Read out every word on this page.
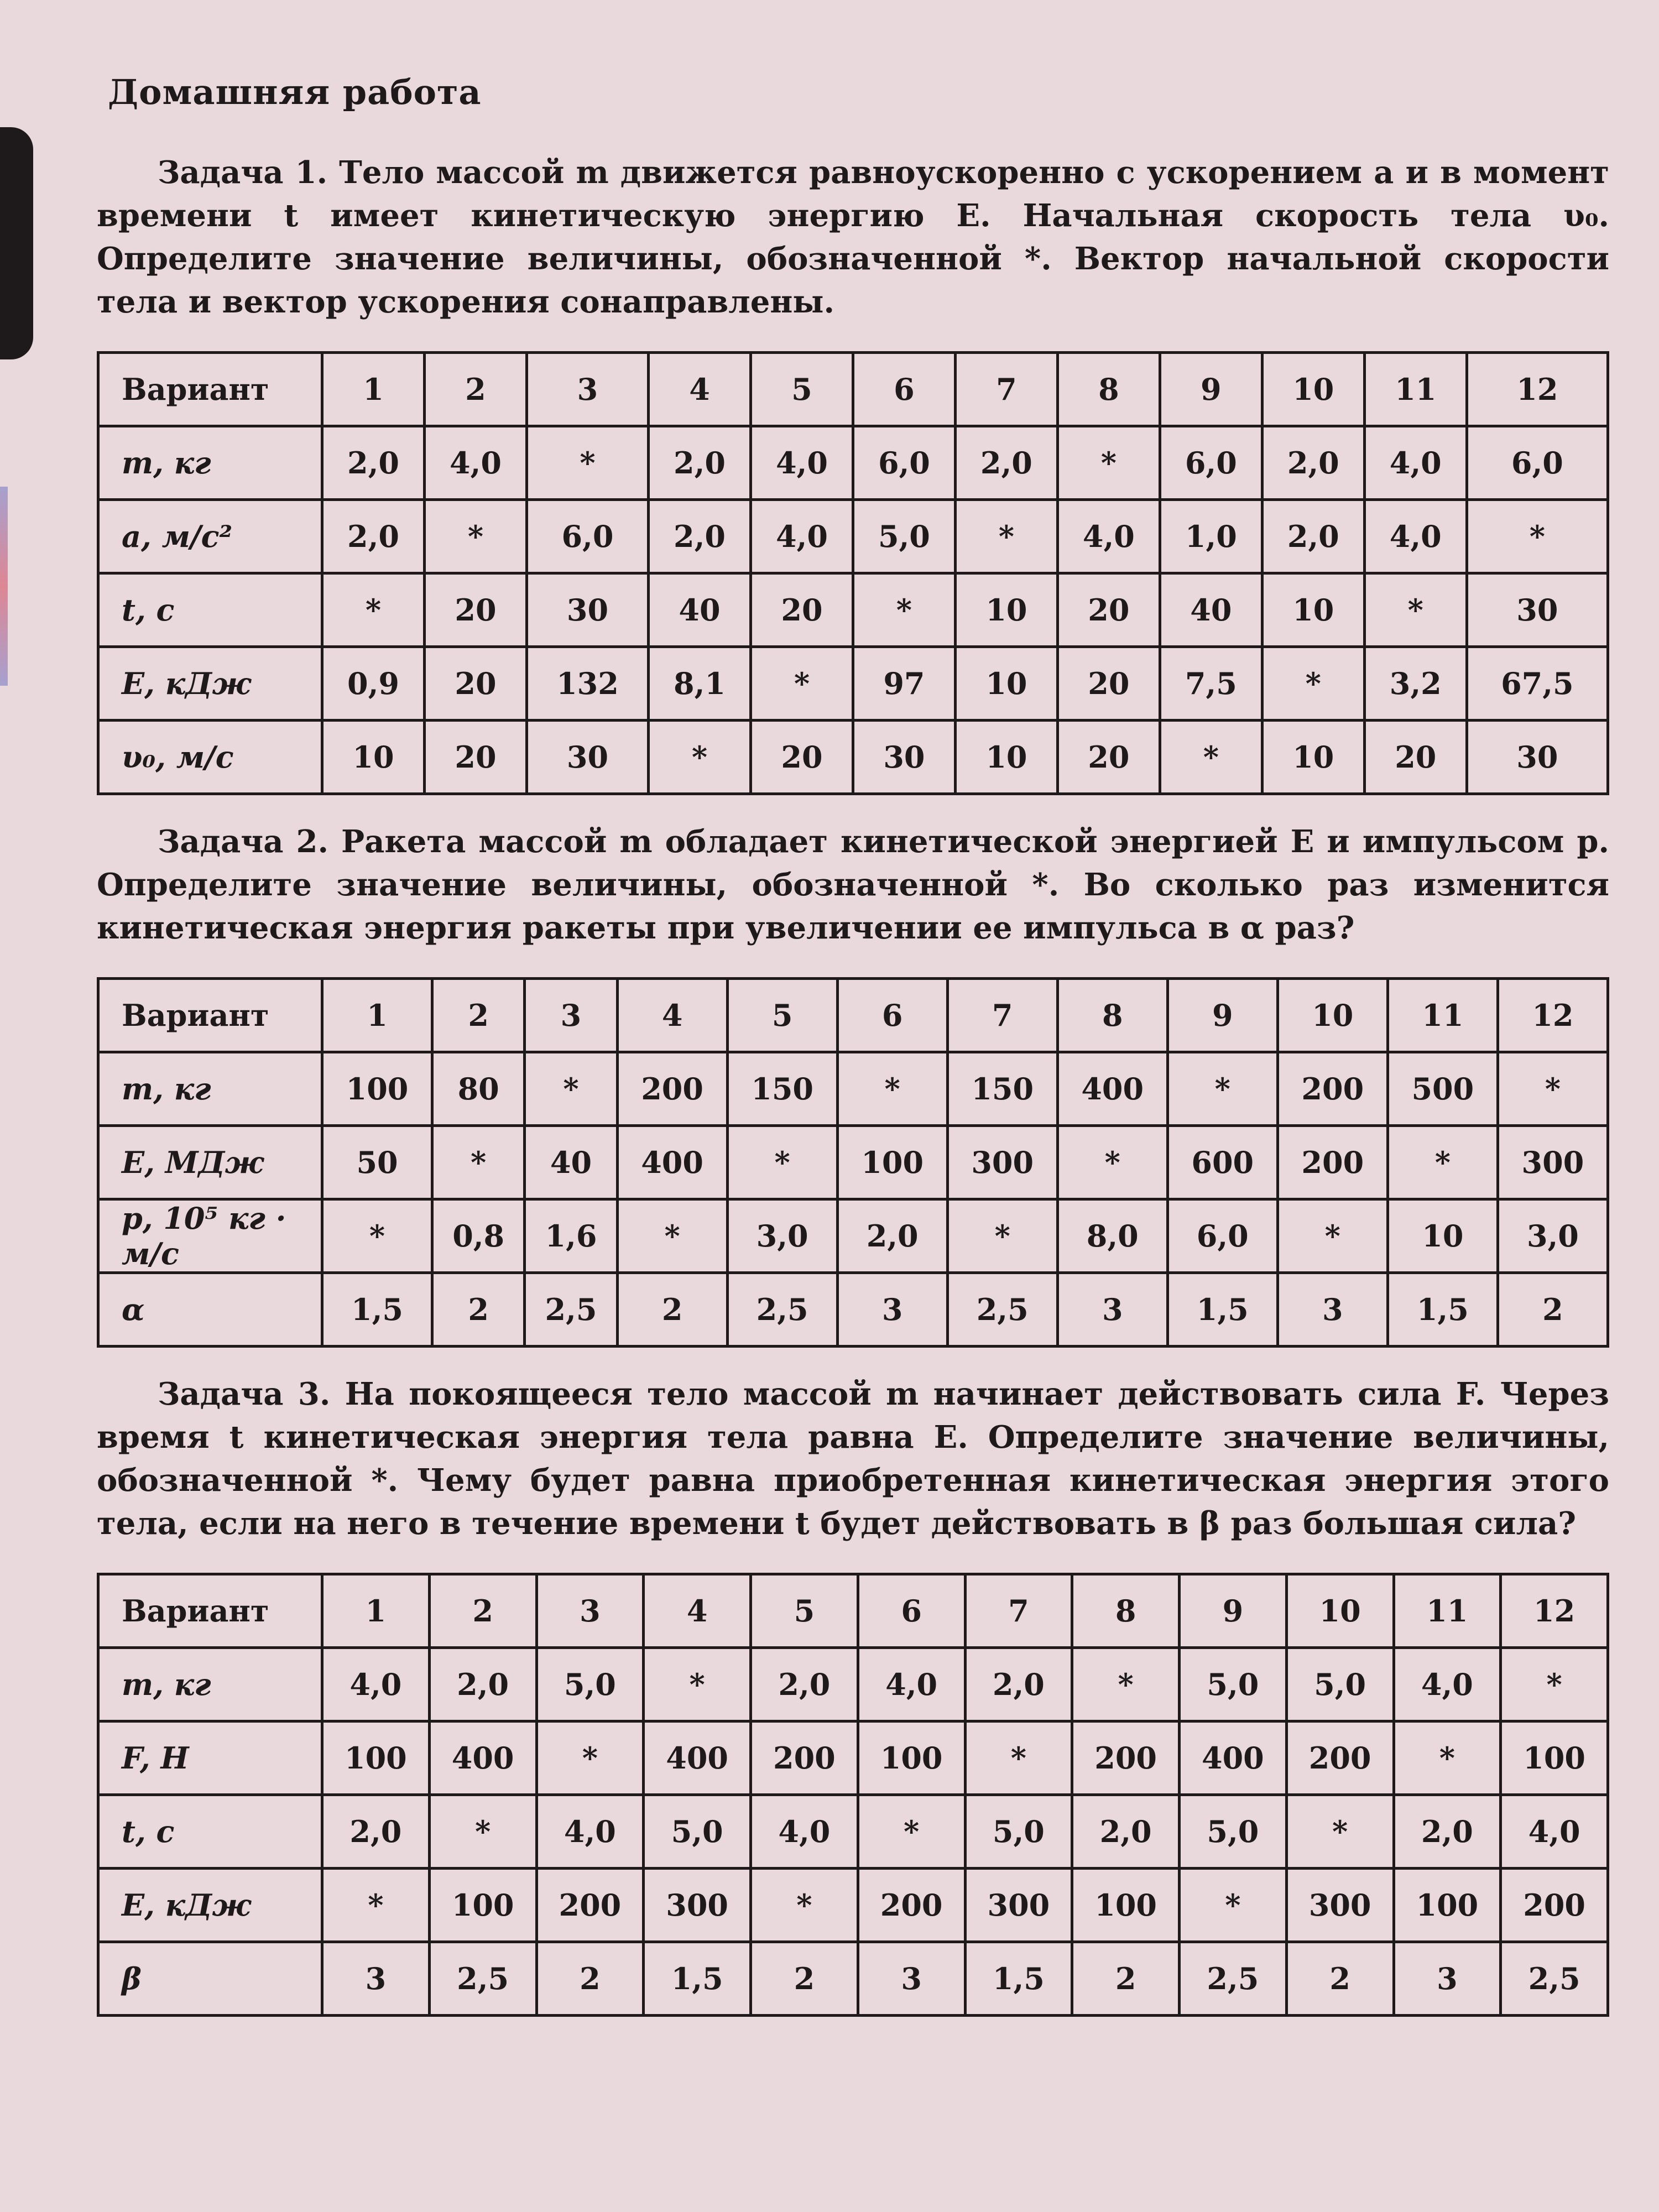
Домашняя работа
Задача 1. Тело массой m движется равноускоренно с ускорением a и в момент времени t имеет кинетическую энергию E. Начальная скорость тела υ₀. Определите значение величины, обозначенной *. Вектор начальной скорости тела и вектор ускорения сонаправлены.
Вариант	1	2	3	4	5	6	7	8	9	10	11	12
m, кг	2,0	4,0	*	2,0	4,0	6,0	2,0	*	6,0	2,0	4,0	6,0
a, м/с²	2,0	*	6,0	2,0	4,0	5,0	*	4,0	1,0	2,0	4,0	*
t, с	*	20	30	40	20	*	10	20	40	10	*	30
E, кДж	0,9	20	132	8,1	*	97	10	20	7,5	*	3,2	67,5
υ₀, м/с	10	20	30	*	20	30	10	20	*	10	20	30
Задача 2. Ракета массой m обладает кинетической энергией E и импульсом p. Определите значение величины, обозначенной *. Во сколько раз изменится кинетическая энергия ракеты при увеличении ее импульса в α раз?
Вариант	1	2	3	4	5	6	7	8	9	10	11	12
m, кг	100	80	*	200	150	*	150	400	*	200	500	*
E, МДж	50	*	40	400	*	100	300	*	600	200	*	300
p, 10⁵ кг · м/с	*	0,8	1,6	*	3,0	2,0	*	8,0	6,0	*	10	3,0
α	1,5	2	2,5	2	2,5	3	2,5	3	1,5	3	1,5	2
Задача 3. На покоящееся тело массой m начинает действовать сила F. Через время t кинетическая энергия тела равна E. Определите значение величины, обозначенной *. Чему будет равна приобретенная кинетическая энергия этого тела, если на него в течение времени t будет действовать в β раз большая сила?
Вариант	1	2	3	4	5	6	7	8	9	10	11	12
m, кг	4,0	2,0	5,0	*	2,0	4,0	2,0	*	5,0	5,0	4,0	*
F, Н	100	400	*	400	200	100	*	200	400	200	*	100
t, с	2,0	*	4,0	5,0	4,0	*	5,0	2,0	5,0	*	2,0	4,0
E, кДж	*	100	200	300	*	200	300	100	*	300	100	200
β	3	2,5	2	1,5	2	3	1,5	2	2,5	2	3	2,5
